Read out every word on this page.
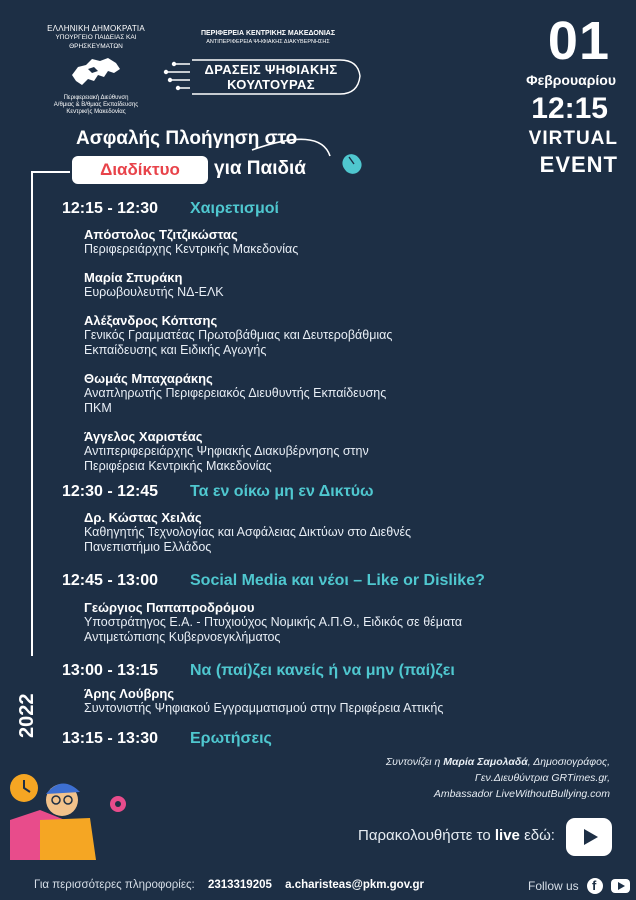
ΕΛΛΗΝΙΚΗ ΔΗΜΟΚΡΑΤΙΑ
ΥΠΟΥΡΓΕΙΟ ΠΑΙΔΕΙΑΣ ΚΑΙ ΘΡΗΣΚΕΥΜΑΤΩΝ
Περιφερειακή Διεύθυνση
Α/θμιας & Β/θμιας Εκπαίδευσης
Κεντρικής Μακεδονίας
ΠΕΡΙΦΕΡΕΙΑ ΚΕΝΤΡΙΚΗΣ ΜΑΚΕΔΟΝΙΑΣ
ΑΝΤΙΠΕΡΙΦΕΡΕΙΑ ΨΗΦΙΑΚΗΣ ΔΙΑΚΥΒΕΡΝΗΣΗΣ
ΔΡΑΣΕΙΣ ΨΗΦΙΑΚΗΣ
ΚΟΥΛΤΟΥΡΑΣ
01
Φεβρουαρίου
12:15
VIRTUAL
EVENT
Ασφαλής Πλοήγηση στο
Διαδίκτυο	για Παιδιά
2022
12:15 - 12:30 Χαιρετισμοί
Απόστολος Τζιτζικώστας
Περιφερειάρχης Κεντρικής Μακεδονίας
Μαρία Σπυράκη
Ευρωβουλευτής ΝΔ-ΕΛΚ
Αλέξανδρος Κόπτσης
Γενικός Γραμματέας Πρωτοβάθμιας και Δευτεροβάθμιας
Εκπαίδευσης και Ειδικής Αγωγής
Θωμάς Μπαχαράκης
Αναπληρωτής Περιφερειακός Διευθυντής Εκπαίδευσης
ΠΚΜ
Άγγελος Χαριστέας
Αντιπεριφερειάρχης Ψηφιακής Διακυβέρνησης στην
Περιφέρεια Κεντρικής Μακεδονίας
12:30 - 12:45 Τα εν οίκω μη εν Δικτύω
Δρ. Κώστας Χειλάς
Καθηγητής Τεχνολογίας και Ασφάλειας Δικτύων στο Διεθνές
Πανεπιστήμιο Ελλάδος
12:45 - 13:00 Social Media και νέοι – Like or Dislike?
Γεώργιος Παπαπροδρόμου
Υποστράτηγος Ε.Α. - Πτυχιούχος Νομικής Α.Π.Θ., Ειδικός σε θέματα
Αντιμετώπισης Κυβερνοεγκλήματος
13:00 - 13:15 Να (παί)ζει κανείς ή να μην (παί)ζει
Άρης Λούβρης
Συντονιστής Ψηφιακού Εγγραμματισμού στην Περιφέρεια Αττικής
13:15 - 13:30 Ερωτήσεις
Συντονίζει η Μαρία Σαμολαδά, Δημοσιογράφος,
Γεν.Διευθύντρια GRTimes.gr,
Ambassador LiveWithoutBullying.com
Παρακολουθήστε το live εδώ:
Για περισσότερες πληροφορίες: 2313319205 a.charisteas@pkm.gov.gr	Follow us
f
